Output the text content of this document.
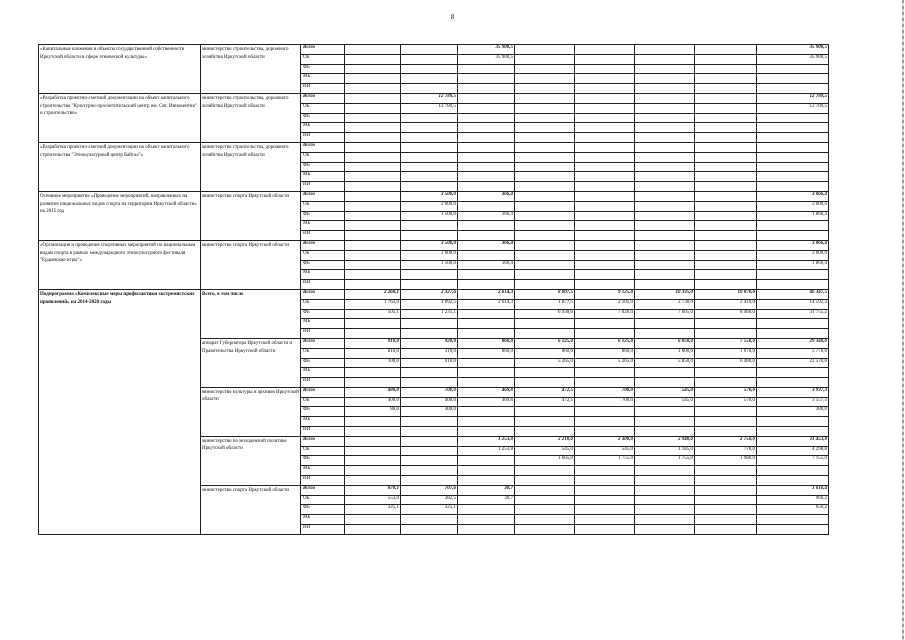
8
«Капитальные вложения в объекты государственной собственности Иркутской области в сфере этнической культуры»	министерство строительства, дорожного хозяйства Иркутской области	Всего			35 900,5					35 900,5
		ОБ			35 900,5					35 900,5
		ФБ								
		МБ								
		ИИ								
«Разработка проектно-сметной документации на объект капитального строительства "Культурно-просветительский центр им. Свт. Иннокентия" и строительство»	министерство строительства, дорожного хозяйства Иркутской области	Всего		12 789,5						12 789,5
		ОБ		12 789,5						12 789,5
		ФБ								
		МБ								
		ИИ								
«Разработка проектно-сметной документации на объект капитального строительства "Этнокультурный центр Байгал"»	министерство строительства, дорожного хозяйства Иркутской области	Всего								
		ОБ								
		ФБ								
		МБ								
		ИИ								
Основное мероприятие «Проведение мероприятий, направленных на развитие национальных видов спорта на территории Иркутской области» на 2015 год	министерство спорта Иркутской области	Всего		3 500,0	366,4					3 866,4
		ОБ		2 000,0						2 000,0
		ФБ		1 500,0	366,4					1 866,4
		МБ								
		ИИ								
«Организация и проведение спортивных мероприятий по национальным видам спорта в рамках международного этнокультурного фестиваля "Ердынские игры"»	министерство спорта Иркутской области	Всего		3 500,0	366,4					3 866,4
		ОБ		2 000,0						2 000,0
		ФБ		1 500,0	366,4					1 866,4
		МБ								
		ИИ								
Подпрограмма «Комплексные меры профилактики экстремистских проявлений» на 2014-2020 годы	Всего, в том числе	Всего	2 268,1	2 327,6	2 614,3	8 807,5	9 125,0	10 335,0	10 870,0	46 347,5
		ОБ	1 763,0	1 092,5	2 614,3	1 877,5	2 105,0	2 730,0	2 410,0	14 592,3
		ФБ	505,1	1 235,1		6 930,0	7 020,0	7 605,0	8 460,0	31 755,2
		МБ								
		ИИ								
	аппарат Губернатора Иркутской области и Правительства Иркутской области	Всего	910,0	920,0	860,0	6 125,0	6 125,0	6 850,0	7 550,0	29 340,0
		ОБ	810,0	310,0	860,0	860,0	860,0	1 000,0	1 070,0	5 770,0
		ФБ	100,0	610,0		5 265,0	5 265,0	5 850,0	6 480,0	23 570,0
		МБ								
		ИИ								
	министерство культуры и архивов Иркутской области	Всего	480,0	700,0	469,8	472,5	700,0	545,0	570,0	3 937,3
		ОБ	400,0	400,0	469,8	472,5	700,0	545,0	570,0	3 557,3
		ФБ	80,0	300,0						380,0
		МБ								
		ИИ								
	министерство по молодежной политике Иркутской области	Всего			1 253,8	2 210,0	2 300,0	2 940,0	2 750,0	11 453,8
		ОБ			1 253,8	545,0	545,0	1 185,0	770,0	4 298,8
		ФБ				1 665,0	1 755,0	1 755,0	1 980,0	7 155,0
		МБ								
		ИИ								
	министерство спорта Иркутской области	Всего	878,1	707,6	30,7					1 616,4
		ОБ	553,0	382,5	30,7					966,2
		ФБ	325,1	325,1						650,2
		МБ								
		ИИ								
